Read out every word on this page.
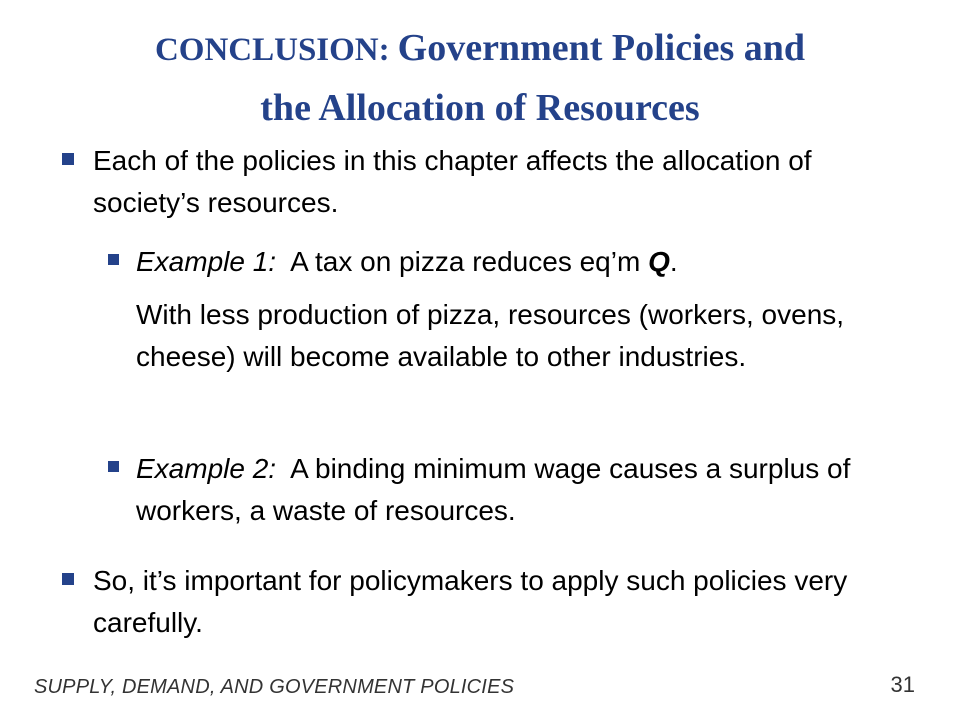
CONCLUSION: Government Policies and
the Allocation of Resources
Each of the policies in this chapter affects the allocation of society’s resources.
Example 1: A tax on pizza reduces eq’m Q.
With less production of pizza, resources (workers, ovens, cheese) will become available to other industries.
Example 2: A binding minimum wage causes a surplus of workers, a waste of resources.
So, it’s important for policymakers to apply such policies very carefully.
SUPPLY, DEMAND, AND GOVERNMENT POLICIES	31
